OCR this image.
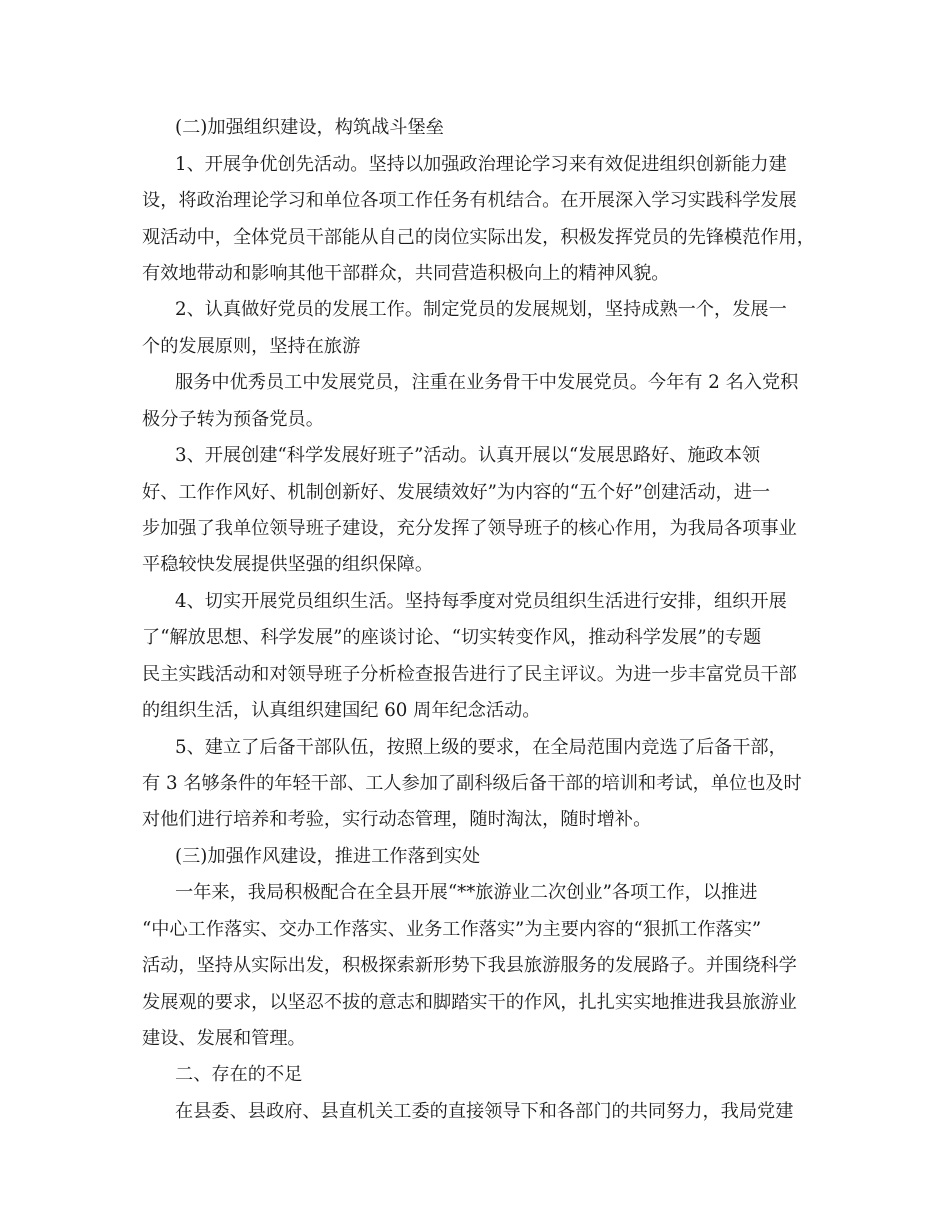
(二)加强组织建设，构筑战斗堡垒
1、开展争优创先活动。坚持以加强政治理论学习来有效促进组织创新能力建
设，将政治理论学习和单位各项工作任务有机结合。在开展深入学习实践科学发展
观活动中，全体党员干部能从自己的岗位实际出发，积极发挥党员的先锋模范作用，
有效地带动和影响其他干部群众，共同营造积极向上的精神风貌。
2、认真做好党员的发展工作。制定党员的发展规划，坚持成熟一个，发展一
个的发展原则，坚持在旅游
服务中优秀员工中发展党员，注重在业务骨干中发展党员。今年有 2 名入党积
极分子转为预备党员。
3、开展创建“科学发展好班子”活动。认真开展以“发展思路好、施政本领
好、工作作风好、机制创新好、发展绩效好”为内容的“五个好”创建活动，进一
步加强了我单位领导班子建设，充分发挥了领导班子的核心作用，为我局各项事业
平稳较快发展提供坚强的组织保障。
4、切实开展党员组织生活。坚持每季度对党员组织生活进行安排，组织开展
了“解放思想、科学发展”的座谈讨论、“切实转变作风，推动科学发展”的专题
民主实践活动和对领导班子分析检查报告进行了民主评议。为进一步丰富党员干部
的组织生活，认真组织建国纪 60 周年纪念活动。
5、建立了后备干部队伍，按照上级的要求，在全局范围内竞选了后备干部，
有 3 名够条件的年轻干部、工人参加了副科级后备干部的培训和考试，单位也及时
对他们进行培养和考验，实行动态管理，随时淘汰，随时增补。
(三)加强作风建设，推进工作落到实处
一年来，我局积极配合在全县开展“**旅游业二次创业”各项工作，以推进
“中心工作落实、交办工作落实、业务工作落实”为主要内容的“狠抓工作落实”
活动，坚持从实际出发，积极探索新形势下我县旅游服务的发展路子。并围绕科学
发展观的要求，以坚忍不拔的意志和脚踏实干的作风，扎扎实实地推进我县旅游业
建设、发展和管理。
二、存在的不足
在县委、县政府、县直机关工委的直接领导下和各部门的共同努力，我局党建
